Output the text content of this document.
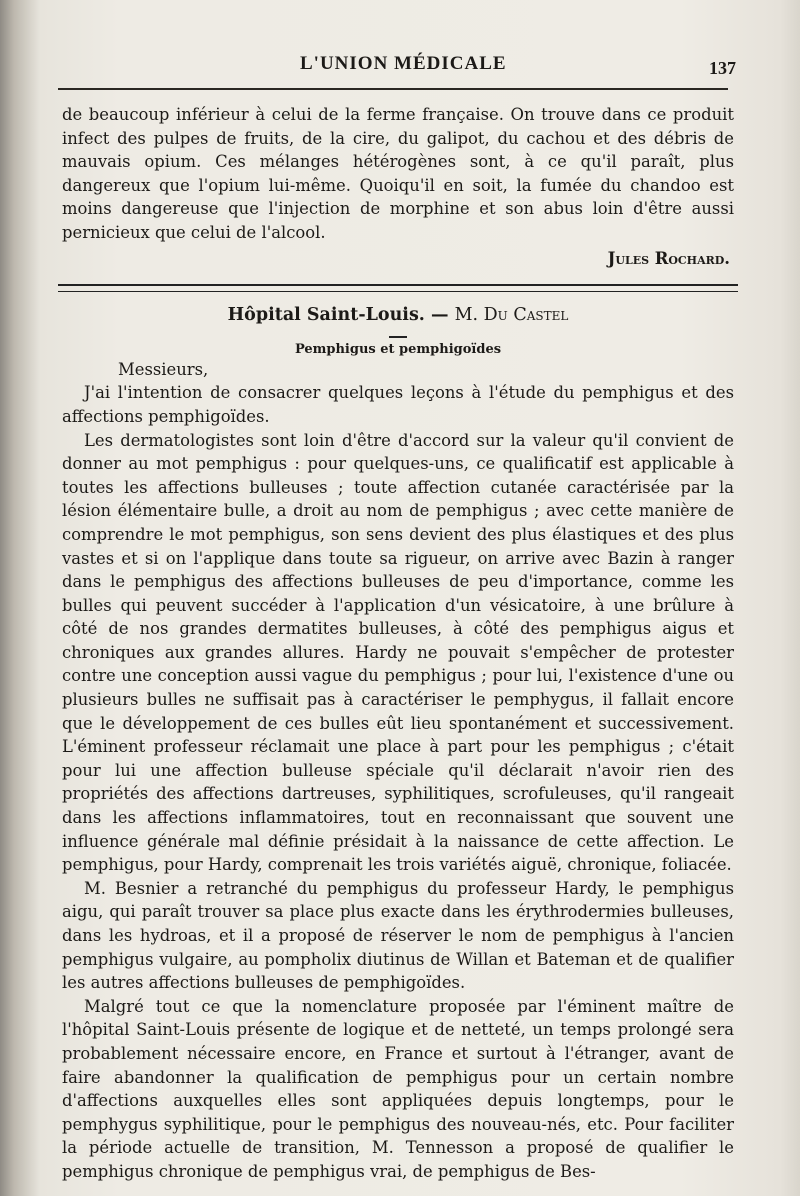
L'UNION MÉDICALE	137

de beaucoup inférieur à celui de la ferme française. On trouve dans ce produit infect des pulpes de fruits, de la cire, du galipot, du cachou et des débris de mauvais opium. Ces mélanges hétérogènes sont, à ce qu'il paraît, plus dangereux que l'opium lui-même. Quoiqu'il en soit, la fumée du chandoo est moins dangereuse que l'injection de morphine et son abus loin d'être aussi pernicieux que celui de l'alcool.

Jules Rochard.

Hôpital Saint-Louis. — M. Du Castel

Pemphigus et pemphigoïdes

Messieurs,

J'ai l'intention de consacrer quelques leçons à l'étude du pemphigus et des affections pemphigoïdes.

Les dermatologistes sont loin d'être d'accord sur la valeur qu'il convient de donner au mot pemphigus : pour quelques-uns, ce qualificatif est applicable à toutes les affections bulleuses ; toute affection cutanée caractérisée par la lésion élémentaire bulle, a droit au nom de pemphigus ; avec cette manière de comprendre le mot pemphigus, son sens devient des plus élastiques et des plus vastes et si on l'applique dans toute sa rigueur, on arrive avec Bazin à ranger dans le pemphigus des affections bulleuses de peu d'importance, comme les bulles qui peuvent succéder à l'application d'un vésicatoire, à une brûlure à côté de nos grandes dermatites bulleuses, à côté des pemphigus aigus et chroniques aux grandes allures. Hardy ne pouvait s'empêcher de protester contre une conception aussi vague du pemphigus ; pour lui, l'existence d'une ou plusieurs bulles ne suffisait pas à caractériser le pemphygus, il fallait encore que le développement de ces bulles eût lieu spontanément et successivement. L'éminent professeur réclamait une place à part pour les pemphigus ; c'était pour lui une affection bulleuse spéciale qu'il déclarait n'avoir rien des propriétés des affections dartreuses, syphilitiques, scrofuleuses, qu'il rangeait dans les affections inflammatoires, tout en reconnaissant que souvent une influence générale mal définie présidait à la naissance de cette affection. Le pemphigus, pour Hardy, comprenait les trois variétés aiguë, chronique, foliacée.

M. Besnier a retranché du pemphigus du professeur Hardy, le pemphigus aigu, qui paraît trouver sa place plus exacte dans les érythrodermies bulleuses, dans les hydroas, et il a proposé de réserver le nom de pemphigus à l'ancien pemphigus vulgaire, au pompholix diutinus de Willan et Bateman et de qualifier les autres affections bulleuses de pemphigoïdes.

Malgré tout ce que la nomenclature proposée par l'éminent maître de l'hôpital Saint-Louis présente de logique et de netteté, un temps prolongé sera probablement nécessaire encore, en France et surtout à l'étranger, avant de faire abandonner la qualification de pemphigus pour un certain nombre d'affections auxquelles elles sont appliquées depuis longtemps, pour le pemphygus syphilitique, pour le pemphigus des nouveau-nés, etc. Pour faciliter la période actuelle de transition, M. Tennesson a proposé de qualifier le pemphigus chronique de pemphigus vrai, de pemphigus de Bes-
